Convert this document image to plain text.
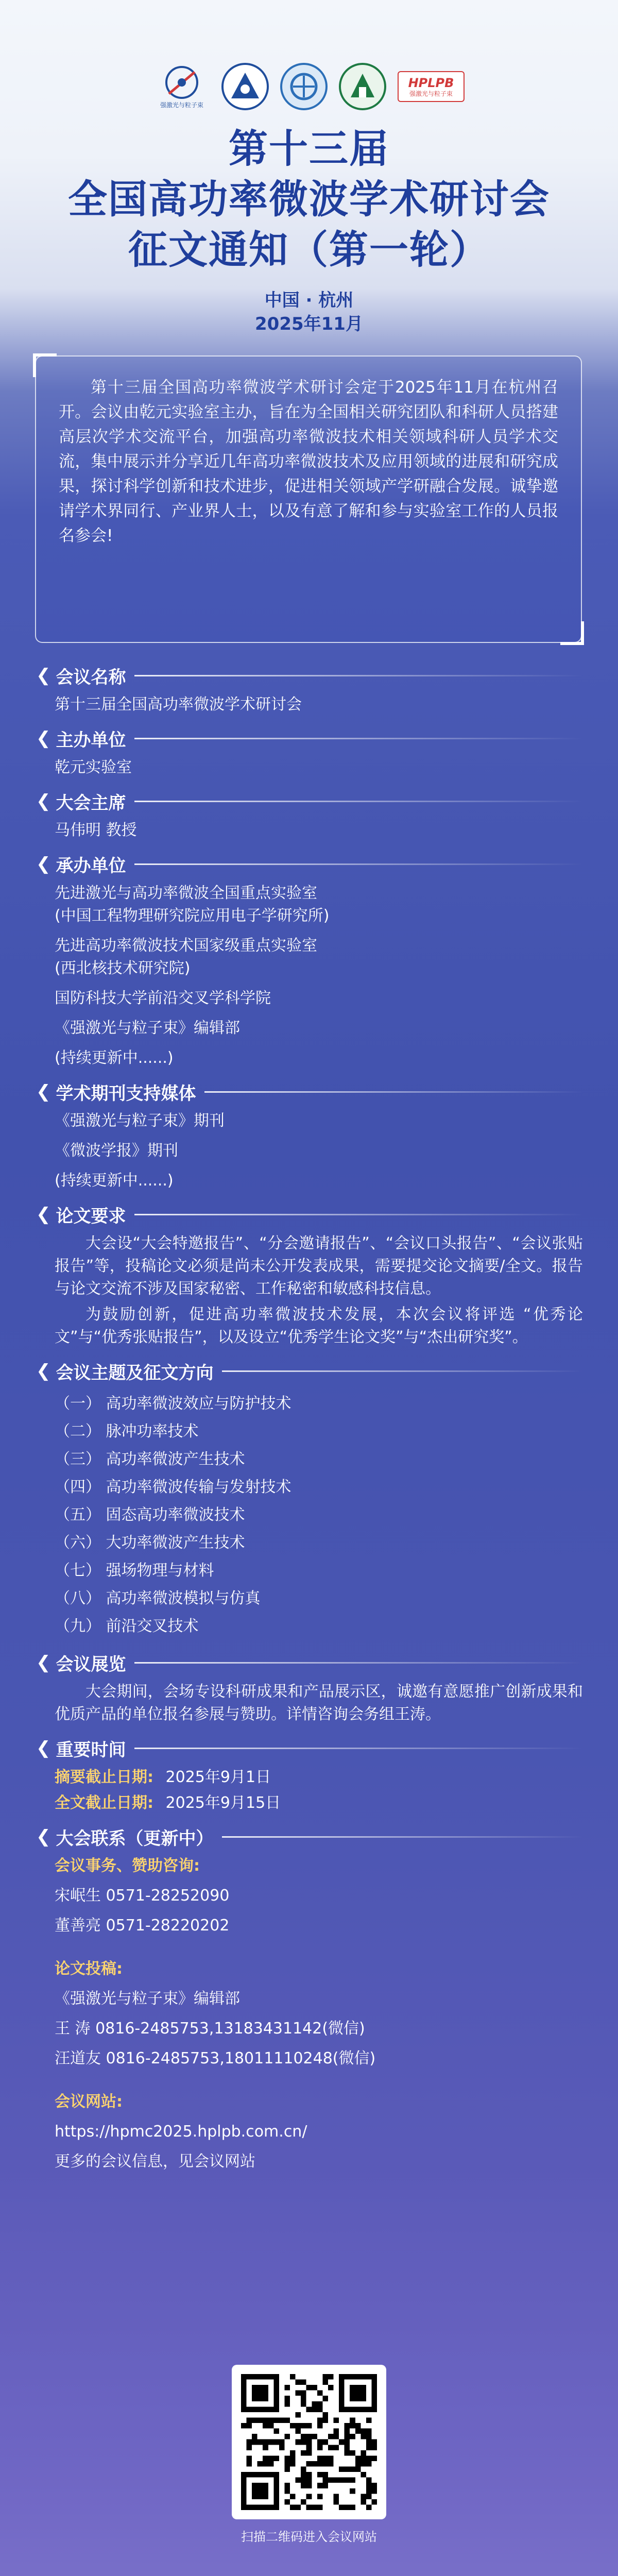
强激光与粒子束
HPLPB
强激光与粒子束
第十三届
全国高功率微波学术研讨会
征文通知（第一轮）
中国 · 杭州
2025年11月

第十三届全国高功率微波学术研讨会定于2025年11月在杭州召开。会议由乾元实验室主办，旨在为全国相关研究团队和科研人员搭建高层次学术交流平台，加强高功率微波技术相关领域科研人员学术交流，集中展示并分享近几年高功率微波技术及应用领域的进展和研究成果，探讨科学创新和技术进步，促进相关领域产学研融合发展。诚挚邀请学术界同行、产业界人士，以及有意了解和参与实验室工作的人员报名参会!

❮ 会议名称
第十三届全国高功率微波学术研讨会
❮ 主办单位
乾元实验室
❮ 大会主席
马伟明 教授
❮ 承办单位
先进激光与高功率微波全国重点实验室
(中国工程物理研究院应用电子学研究所)
先进高功率微波技术国家级重点实验室
(西北核技术研究院)
国防科技大学前沿交叉学科学院
《强激光与粒子束》编辑部
(持续更新中......)
❮ 学术期刊支持媒体
《强激光与粒子束》期刊
《微波学报》期刊
(持续更新中......)
❮ 论文要求
大会设“大会特邀报告”、“分会邀请报告”、“会议口头报告”、“会议张贴报告”等，投稿论文必须是尚未公开发表成果，需要提交论文摘要/全文。报告与论文交流不涉及国家秘密、工作秘密和敏感科技信息。
为鼓励创新，促进高功率微波技术发展，本次会议将评选 “优秀论文”与“优秀张贴报告”，以及设立“优秀学生论文奖”与“杰出研究奖”。
❮ 会议主题及征文方向
（一） 高功率微波效应与防护技术
（二） 脉冲功率技术
（三） 高功率微波产生技术
（四） 高功率微波传输与发射技术
（五） 固态高功率微波技术
（六） 大功率微波产生技术
（七） 强场物理与材料
（八） 高功率微波模拟与仿真
（九） 前沿交叉技术
❮ 会议展览
大会期间，会场专设科研成果和产品展示区，诚邀有意愿推广创新成果和优质产品的单位报名参展与赞助。详情咨询会务组王涛。
❮ 重要时间
摘要截止日期: 2025年9月1日
全文截止日期: 2025年9月15日
❮ 大会联系（更新中）
会议事务、赞助咨询:
宋岷生 0571-28252090
董善亮 0571-28220202
论文投稿:
《强激光与粒子束》编辑部
王 涛 0816-2485753,13183431142(微信)
汪道友 0816-2485753,18011110248(微信)
会议网站:
https://hpmc2025.hplpb.com.cn/
更多的会议信息，见会议网站
扫描二维码进入会议网站
